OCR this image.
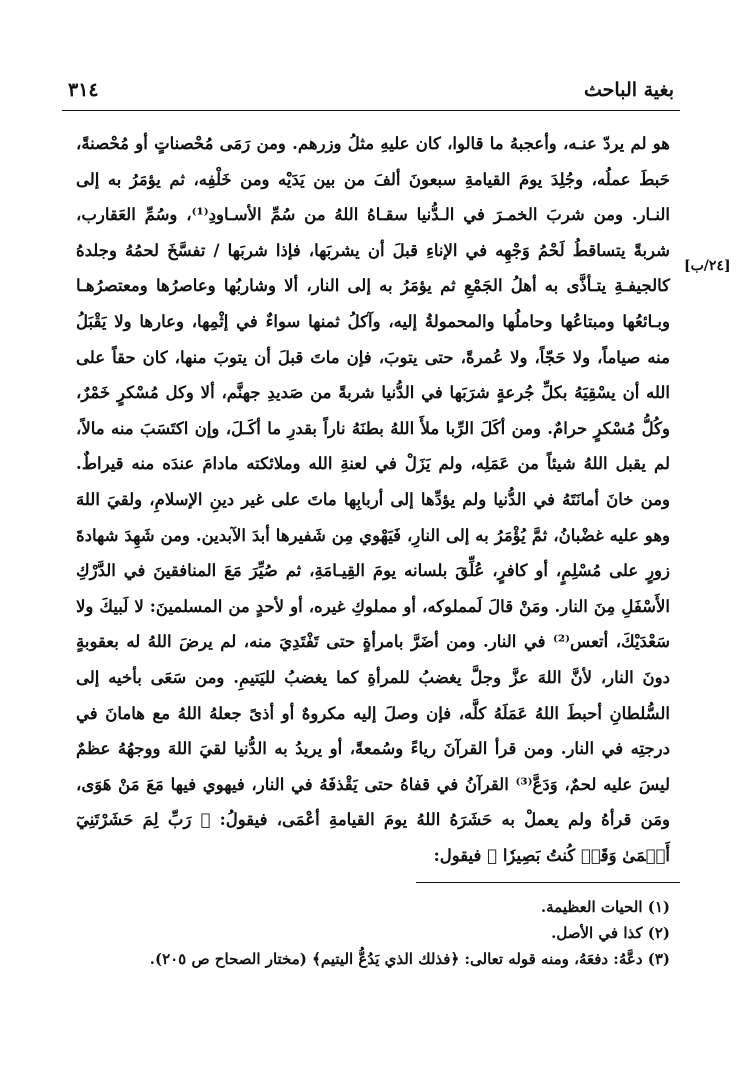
٣١٤	بغية الباحث
[٢٤/ب]

هو لم يردّ عنـه، وأعجبهُ ما قالوا، كان عليهِ مثلُ وزرهم. ومن رَمَى مُحْصناتٍ أو مُحْصنةً، حَبطَ عملُه، وجُلِدَ يومَ القيامةِ سبعونَ ألفَ من بين يَدَيْه ومن خَلْفِه، ثم يؤمَرُ به إلى النـار. ومن شربَ الخمـرَ في الـدُّنيا سقـاهُ اللهُ من سُمِّ الأسـاودِ⁽¹⁾، وسُمِّ العَقارب، شربةً يتساقطُ لَحْمُ وَجْهِه في الإناءِ قبلَ أن يشربَها، فإذا شربَها / تفسَّخَ لحمُهُ وجلدهُ كالجيفـةِ يتـأذَّى به أهلُ الجَمْعِ ثم يؤمَرُ به إلى النار، ألا وشاربُها وعاصرُها ومعتصرُهـا وبـائعُها ومبتاعُها وحاملُها والمحمولةُ إليه، وآكلُ ثمنها سواءٌ في إثْمِها، وعارها ولا يَقْبَلُ منه صياماً، ولا حَجّاً، ولا عُمرةً، حتى يتوبَ، فإن ماتَ قبلَ أن يتوبَ منها، كان حقاً على الله أن يسْقِيَهُ بكلِّ جُرعةٍ شرَبَها في الدُّنيا شربةً من صَديدِ جهنَّم، ألا وكل مُسْكرٍ خَمْرٌ، وكُلُّ مُسْكرٍ حرامٌ. ومن أكَلَ الرِّبا ملأَ اللهُ بطنَهُ ناراً بقدرِ ما أكَـلَ، وإن اكتَسَبَ منه مالاً، لم يقبل اللهُ شيئاً من عَمَلِه، ولم يَزَلْ في لعنةِ الله وملائكته مادامَ عندَه منه قيراطٌ. ومن خانَ أمانَتَهُ في الدُّنيا ولم يؤدِّها إلى أربابِها ماتَ على غير دينِ الإسلامِ، ولقيَ اللهَ وهو عليه غضْبانُ، ثمَّ يُؤْمَرُ به إلى النارِ، فَيَهْوي مِن شَفيرها أبدَ الآبدين. ومن شَهِدَ شهادةَ زورٍ على مُسْلِمٍ، أو كافرٍ، عُلِّقَ بلسانه يومَ القِيـامَةِ، ثم صُيِّرَ مَعَ المنافقينَ في الدَّرْكِ الأَسْفَلِ مِنَ النار. ومَنْ قالَ لَمملوكه، أو مملوكِ غيره، أو لأحدٍ من المسلمينَ: لا لَبيكَ ولا سَعْدَيْكَ، أتعس⁽²⁾ في النار. ومن أضَرَّ بامرأةٍ حتى تَفْتَدِيَ منه، لم يرضَ اللهُ له بعقوبةٍ دونَ النار، لأنَّ اللهَ عزَّ وجلَّ يغضبُ للمرأةِ كما يغضبُ لليَتيمِ. ومن سَعَى بأخيه إلى السُّلطانِ أحبطَ اللهُ عَمَلَهُ كلَّه، فإن وصلَ إليه مكروهٌ أو أذىً جعلهُ اللهُ مع هامانَ في درجتِه في النار. ومن قرأ القرآنَ رياءً وسُمعةً، أو يريدُ به الدُّنيا لقيَ اللهَ ووجهُهُ عظمٌ ليسَ عليه لحمٌ، وَدَعَّ⁽³⁾ القرآنُ في قفاهُ حتى يَقْذفَهُ في النار، فيهوي فيها مَعَ مَنْ هَوَى، ومَن قرأهُ ولم يعملْ به حَشَرَهُ اللهُ يومَ القيامةِ أعْمَى، فيقولُ: ﴿ رَبِّ لِمَ حَشَرْتَنِيٓ أَعۡمَىٰ وَقَدۡ كُنتُ بَصِيرٗا ﴾ فيقول:

(١) الحيات العظيمة.

(٢) كذا في الأصل.

(٣) دعَّهُ: دفعَهُ، ومنه قوله تعالى: ﴿فذلك الذي يَدُعُّ اليتيم﴾ (مختار الصحاح ص ٢٠٥).
